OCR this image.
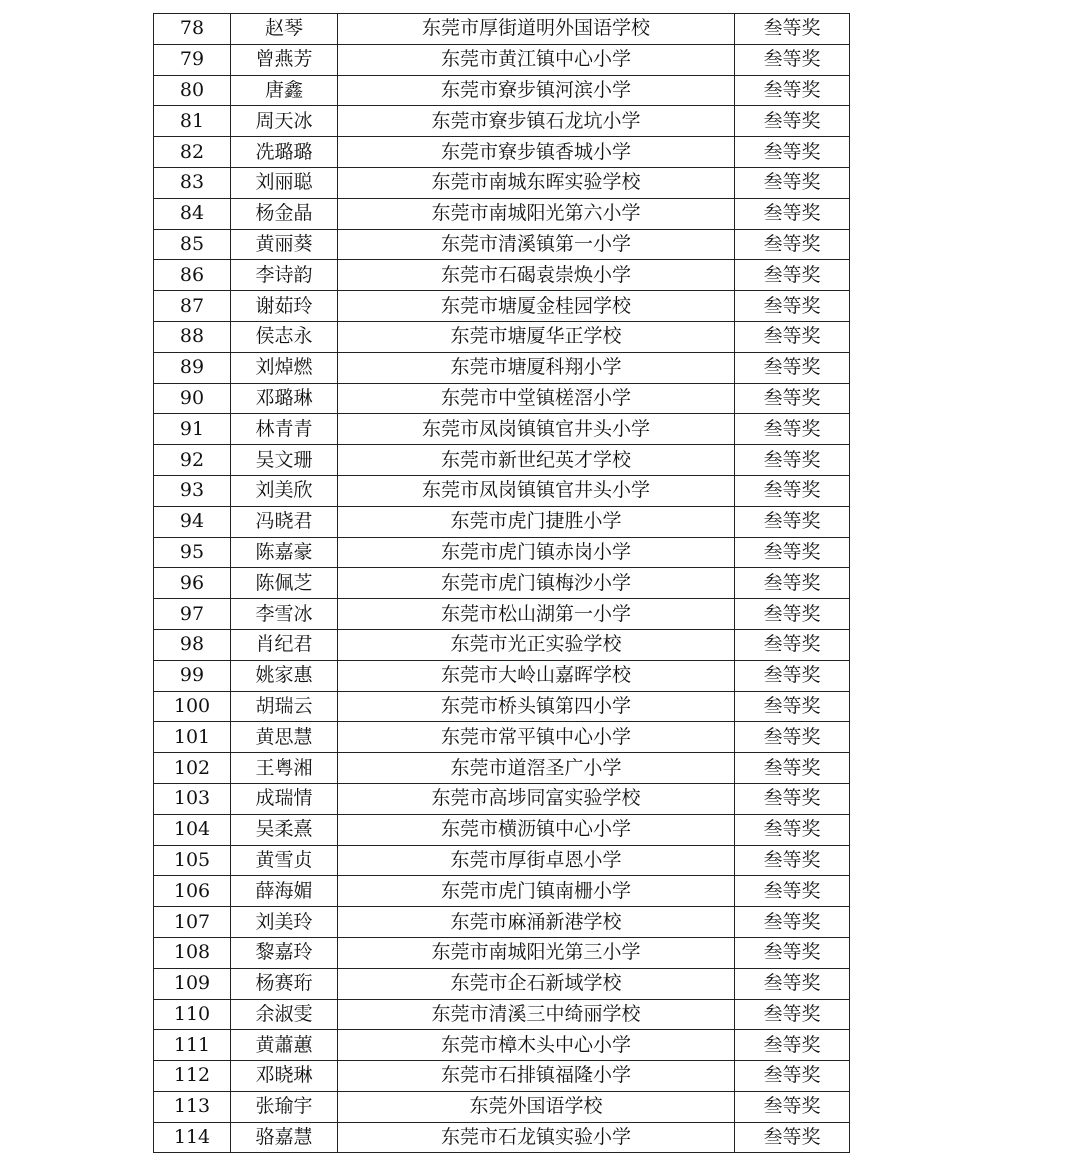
78	赵琴	东莞市厚街道明外国语学校	叁等奖
79	曾燕芳	东莞市黄江镇中心小学	叁等奖
80	唐鑫	东莞市寮步镇河滨小学	叁等奖
81	周天冰	东莞市寮步镇石龙坑小学	叁等奖
82	冼璐璐	东莞市寮步镇香城小学	叁等奖
83	刘丽聪	东莞市南城东晖实验学校	叁等奖
84	杨金晶	东莞市南城阳光第六小学	叁等奖
85	黄丽葵	东莞市清溪镇第一小学	叁等奖
86	李诗韵	东莞市石碣袁崇焕小学	叁等奖
87	谢茹玲	东莞市塘厦金桂园学校	叁等奖
88	侯志永	东莞市塘厦华正学校	叁等奖
89	刘焯燃	东莞市塘厦科翔小学	叁等奖
90	邓璐琳	东莞市中堂镇槎滘小学	叁等奖
91	林青青	东莞市凤岗镇镇官井头小学	叁等奖
92	吴文珊	东莞市新世纪英才学校	叁等奖
93	刘美欣	东莞市凤岗镇镇官井头小学	叁等奖
94	冯晓君	东莞市虎门捷胜小学	叁等奖
95	陈嘉豪	东莞市虎门镇赤岗小学	叁等奖
96	陈佩芝	东莞市虎门镇梅沙小学	叁等奖
97	李雪冰	东莞市松山湖第一小学	叁等奖
98	肖纪君	东莞市光正实验学校	叁等奖
99	姚家惠	东莞市大岭山嘉晖学校	叁等奖
100	胡瑞云	东莞市桥头镇第四小学	叁等奖
101	黄思慧	东莞市常平镇中心小学	叁等奖
102	王粤湘	东莞市道滘圣广小学	叁等奖
103	成瑞情	东莞市高埗同富实验学校	叁等奖
104	吴柔熹	东莞市横沥镇中心小学	叁等奖
105	黄雪贞	东莞市厚街卓恩小学	叁等奖
106	薛海媚	东莞市虎门镇南栅小学	叁等奖
107	刘美玲	东莞市麻涌新港学校	叁等奖
108	黎嘉玲	东莞市南城阳光第三小学	叁等奖
109	杨赛珩	东莞市企石新域学校	叁等奖
110	余淑雯	东莞市清溪三中绮丽学校	叁等奖
111	黄蕭蕙	东莞市樟木头中心小学	叁等奖
112	邓晓琳	东莞市石排镇福隆小学	叁等奖
113	张瑜宇	东莞外国语学校	叁等奖
114	骆嘉慧	东莞市石龙镇实验小学	叁等奖
